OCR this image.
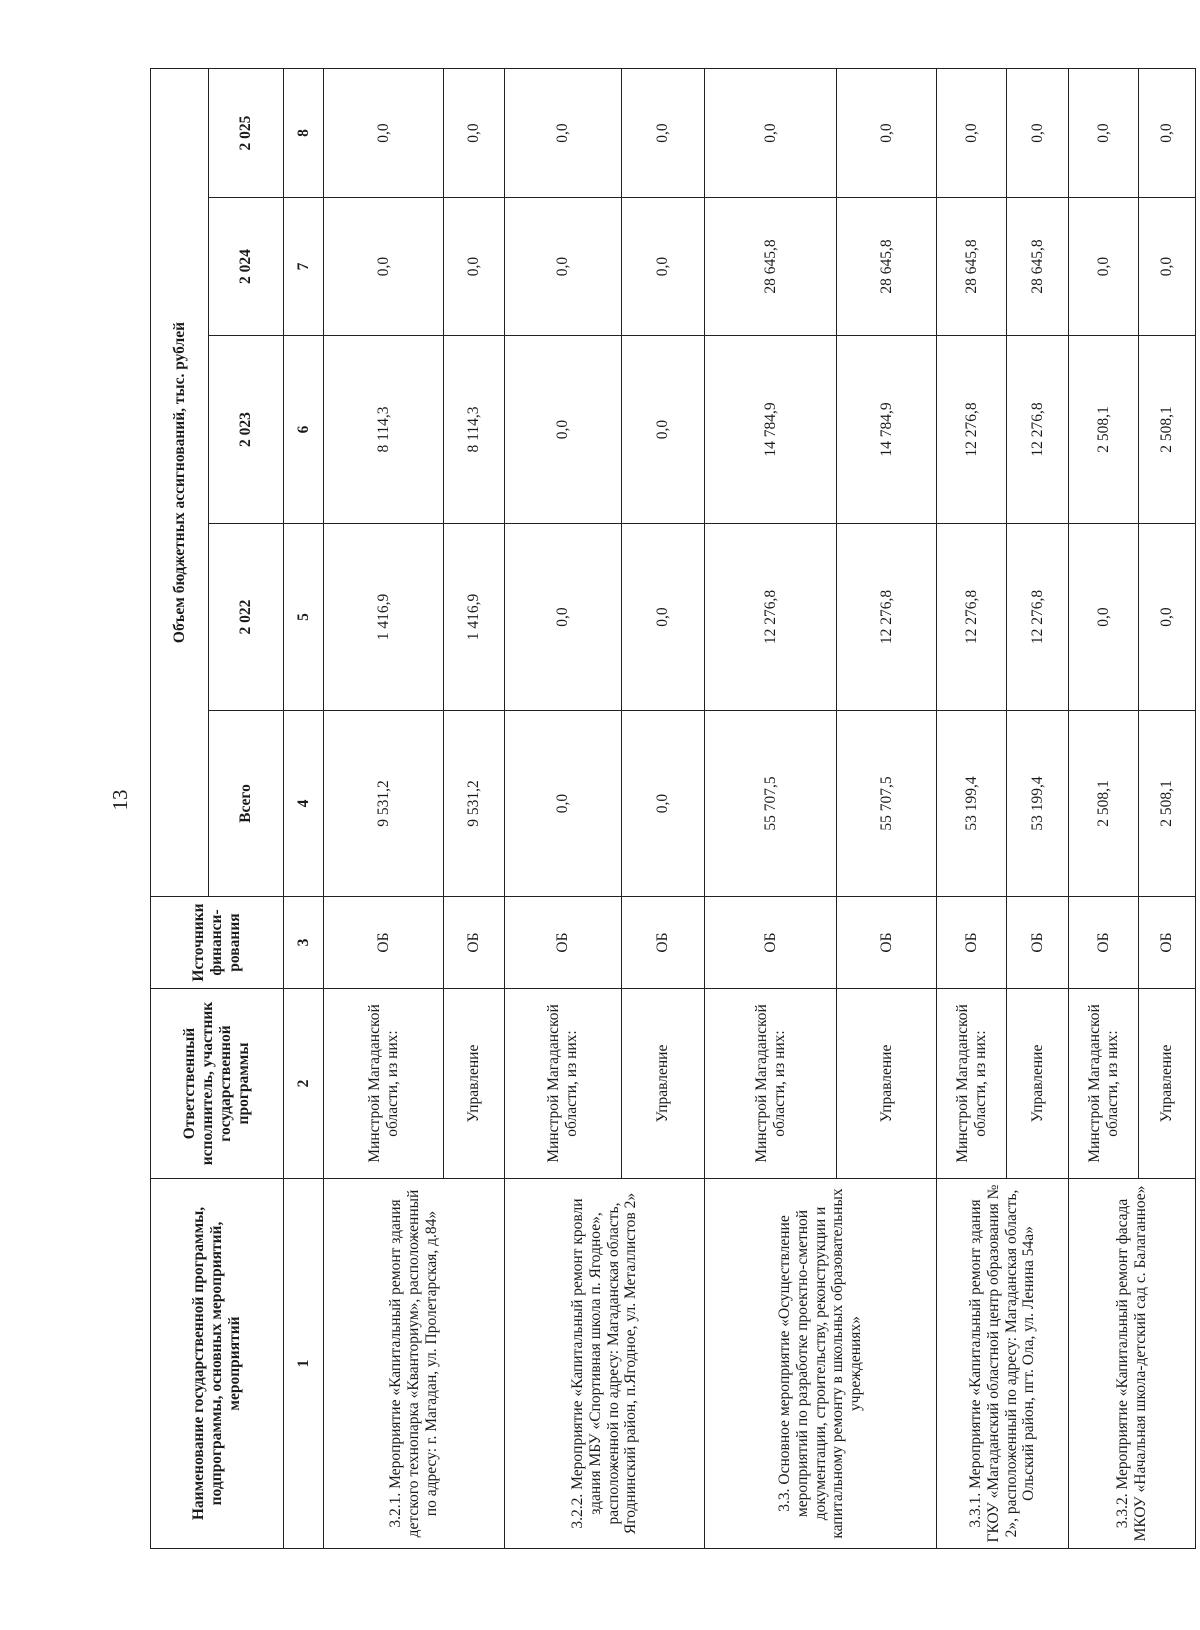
13
Наименование государственной программы, подпрограммы, основных мероприятий, мероприятий	Ответственный исполнитель, участник государственной программы	Источники финанси-рования	Объем бюджетных ассигнований, тыс. рублей				
			Всего	2 022	2 023	2 024	2 025
1	2	3	4	5	6	7	8
3.2.1. Мероприятие «Капитальный ремонт здания детского технопарка «Кванториум», расположенный по адресу: г. Магадан, ул. Пролетарская, д.84»	Минстрой Магаданской области, из них:	ОБ	9 531,2	1 416,9	8 114,3	0,0	0,0
	Управление	ОБ	9 531,2	1 416,9	8 114,3	0,0	0,0
3.2.2. Мероприятие «Капитальный ремонт кровли здания МБУ «Спортивная школа п. Ягодное», расположенной по адресу: Магаданская область, Ягоднинский район, п.Ягодное, ул. Металлистов 2»	Минстрой Магаданской области, из них:	ОБ	0,0	0,0	0,0	0,0	0,0
	Управление	ОБ	0,0	0,0	0,0	0,0	0,0
3.3. Основное мероприятие «Осуществление мероприятий по разработке проектно-сметной документации, строительству, реконструкции и капитальному ремонту в школьных образовательных учреждениях»	Минстрой Магаданской области, из них:	ОБ	55 707,5	12 276,8	14 784,9	28 645,8	0,0
	Управление	ОБ	55 707,5	12 276,8	14 784,9	28 645,8	0,0
3.3.1. Мероприятие «Капитальный ремонт здания ГКОУ «Магаданский областной центр образования № 2», расположенный по адресу: Магаданская область, Ольский район, пгт. Ола, ул. Ленина 54а»	Минстрой Магаданской области, из них:	ОБ	53 199,4	12 276,8	12 276,8	28 645,8	0,0
	Управление	ОБ	53 199,4	12 276,8	12 276,8	28 645,8	0,0
3.3.2. Мероприятие «Капитальный ремонт фасада МКОУ «Начальная школа-детский сад с. Балаганное»	Минстрой Магаданской области, из них:	ОБ	2 508,1	0,0	2 508,1	0,0	0,0
	Управление	ОБ	2 508,1	0,0	2 508,1	0,0	0,0
